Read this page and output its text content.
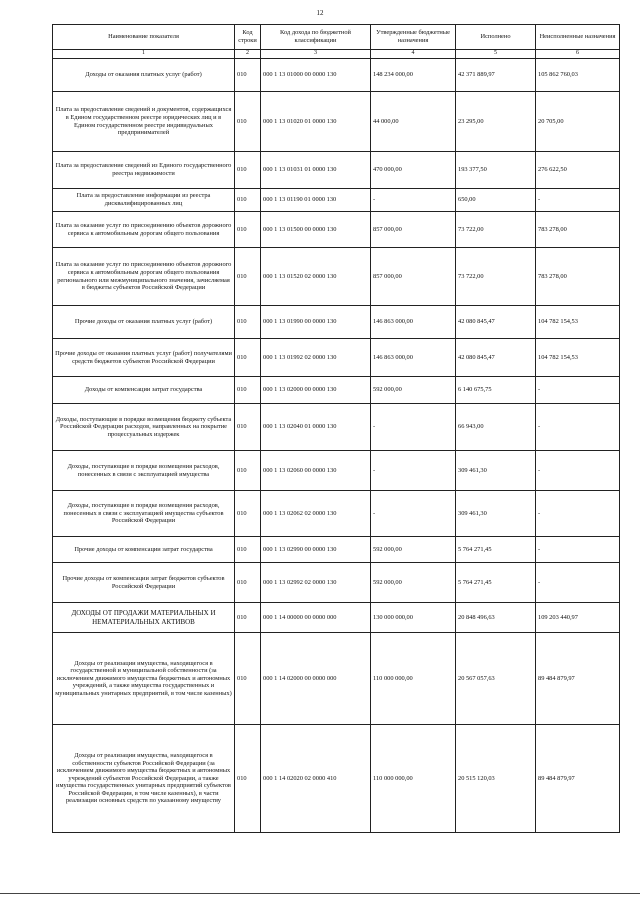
12
Наименование показателя	Код строки	Код дохода по бюджетной классификации	Утвержденные бюджетные назначения	Исполнено	Неисполненные назначения
1	2	3	4	5	6
Доходы от оказания платных услуг (работ)	010	000 1 13 01000 00 0000 130	148 234 000,00	42 371 889,97	105 862 760,03
Плата за предоставление сведений и документов, содержащихся в Едином государственном реестре юридических лиц и в Едином государственном реестре индивидуальных предпринимателей	010	000 1 13 01020 01 0000 130	44 000,00	23 295,00	20 705,00
Плата за предоставление сведений из Единого государственного реестра недвижимости	010	000 1 13 01031 01 0000 130	470 000,00	193 377,50	276 622,50
Плата за предоставление информации из реестра дисквалифицированных лиц	010	000 1 13 01190 01 0000 130	-	650,00	-
Плата за оказание услуг по присоединению объектов дорожного сервиса к автомобильным дорогам общего пользования	010	000 1 13 01500 00 0000 130	857 000,00	73 722,00	783 278,00
Плата за оказание услуг по присоединению объектов дорожного сервиса к автомобильным дорогам общего пользования регионального или межмуниципального значения, зачисляемая в бюджеты субъектов Российской Федерации	010	000 1 13 01520 02 0000 130	857 000,00	73 722,00	783 278,00
Прочие доходы от оказания платных услуг (работ)	010	000 1 13 01990 00 0000 130	146 863 000,00	42 080 845,47	104 782 154,53
Прочие доходы от оказания платных услуг (работ) получателями средств бюджетов субъектов Российской Федерации	010	000 1 13 01992 02 0000 130	146 863 000,00	42 080 845,47	104 782 154,53
Доходы от компенсации затрат государства	010	000 1 13 02000 00 0000 130	592 000,00	6 140 675,75	-
Доходы, поступающие в порядке возмещения бюджету субъекта Российской Федерации расходов, направленных на покрытие процессуальных издержек	010	000 1 13 02040 01 0000 130	-	66 943,00	-
Доходы, поступающие в порядке возмещения расходов, понесенных в связи с эксплуатацией имущества	010	000 1 13 02060 00 0000 130	-	309 461,30	-
Доходы, поступающие в порядке возмещения расходов, понесенных в связи с эксплуатацией имущества субъектов Российской Федерации	010	000 1 13 02062 02 0000 130	-	309 461,30	-
Прочие доходы от компенсации затрат государства	010	000 1 13 02990 00 0000 130	592 000,00	5 764 271,45	-
Прочие доходы от компенсации затрат бюджетов субъектов Российской Федерации	010	000 1 13 02992 02 0000 130	592 000,00	5 764 271,45	-
ДОХОДЫ ОТ ПРОДАЖИ МАТЕРИАЛЬНЫХ И НЕМАТЕРИАЛЬНЫХ АКТИВОВ	010	000 1 14 00000 00 0000 000	130 000 000,00	20 848 496,63	109 203 440,97
Доходы от реализации имущества, находящегося в государственной и муниципальной собственности (за исключением движимого имущества бюджетных и автономных учреждений, а также имущества государственных и муниципальных унитарных предприятий, в том числе казенных)	010	000 1 14 02000 00 0000 000	110 000 000,00	20 567 057,63	89 484 879,97
Доходы от реализации имущества, находящегося в собственности субъектов Российской Федерации (за исключением движимого имущества бюджетных и автономных учреждений субъектов Российской Федерации, а также имущества государственных унитарных предприятий субъектов Российской Федерации, в том числе казенных), в части реализации основных средств по указанному имуществу	010	000 1 14 02020 02 0000 410	110 000 000,00	20 515 120,03	89 484 879,97
